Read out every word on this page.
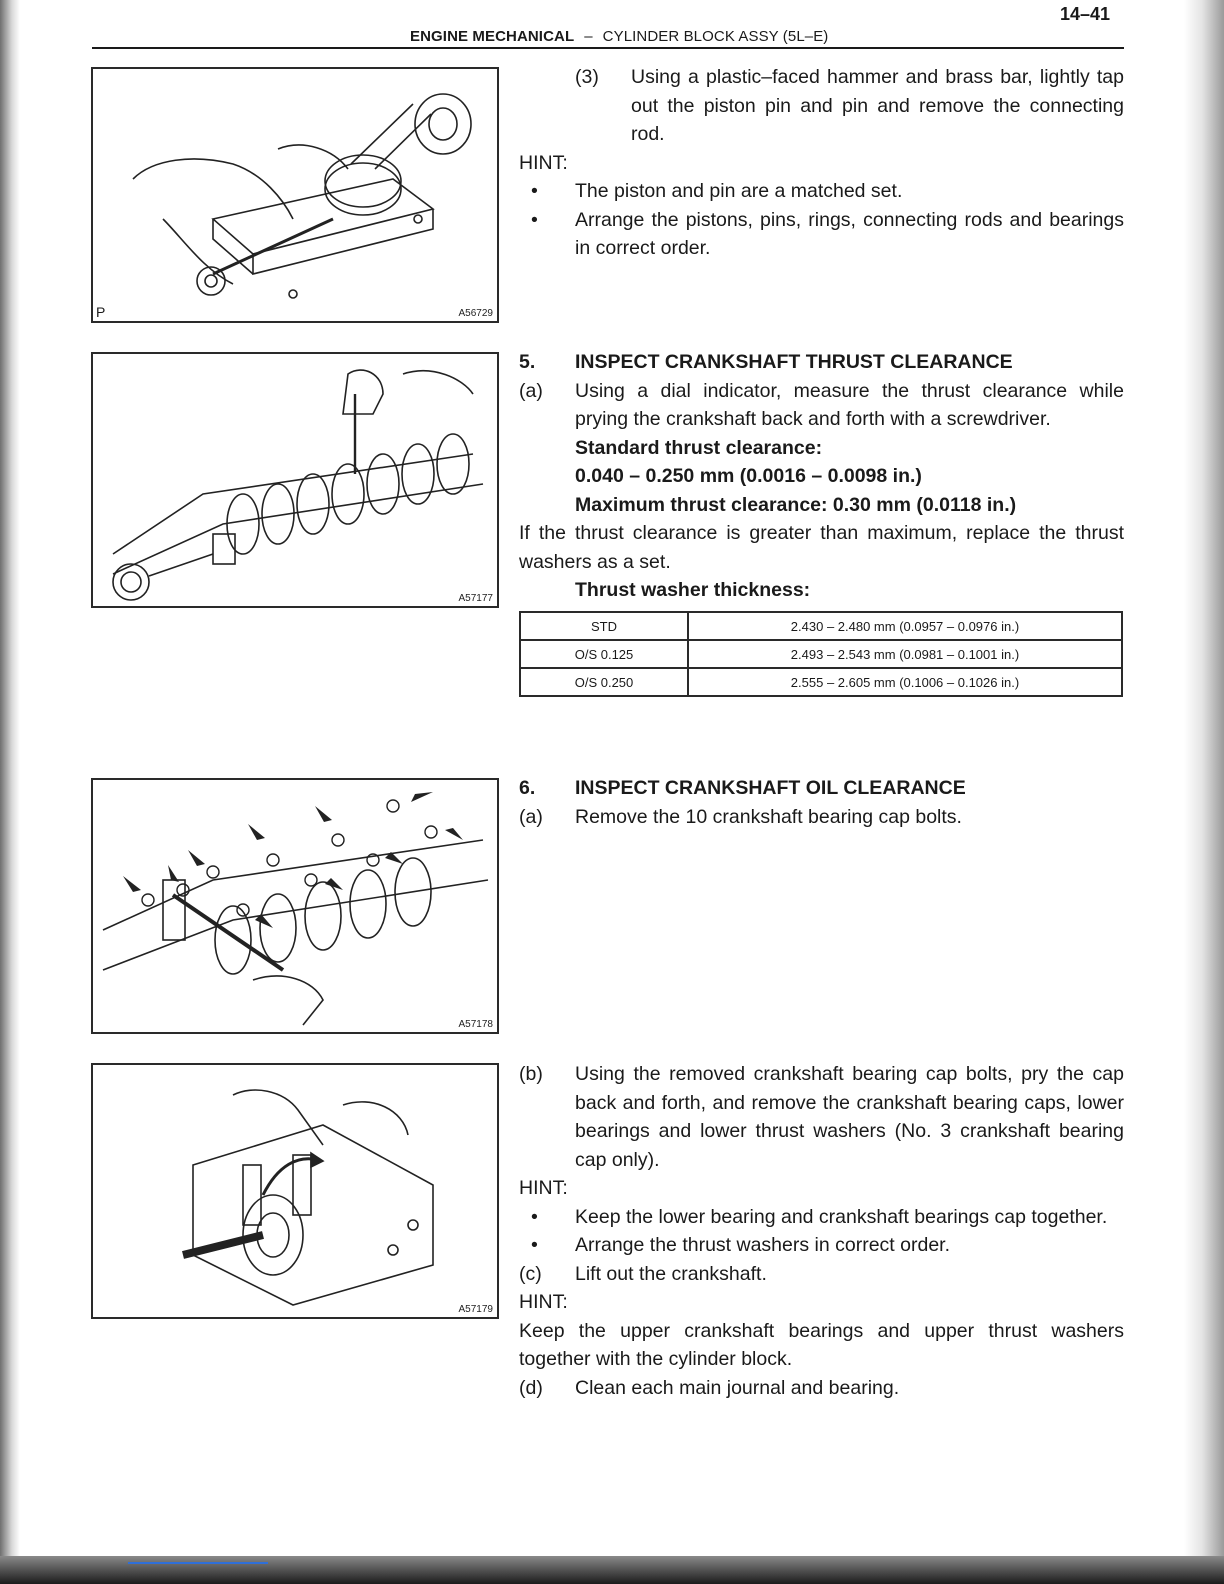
14–41
ENGINE MECHANICAL – CYLINDER BLOCK ASSY (5L–E)
P	A56729
A57177
A57178
A57179
(3)	Using a plastic–faced hammer and brass bar, lightly tap out the piston pin and pin and remove the connecting rod.
HINT:
•	The piston and pin are a matched set.
•	Arrange the pistons, pins, rings, connecting rods and bearings in correct order.
5.	INSPECT CRANKSHAFT THRUST CLEARANCE
(a)	Using a dial indicator, measure the thrust clearance while prying the crankshaft back and forth with a screwdriver.
Standard thrust clearance:
0.040 – 0.250 mm (0.0016 – 0.0098 in.)
Maximum thrust clearance: 0.30 mm (0.0118 in.)
If the thrust clearance is greater than maximum, replace the thrust washers as a set.
Thrust washer thickness:
STD	2.430 – 2.480 mm (0.0957 – 0.0976 in.)
O/S 0.125	2.493 – 2.543 mm (0.0981 – 0.1001 in.)
O/S 0.250	2.555 – 2.605 mm (0.1006 – 0.1026 in.)
6.	INSPECT CRANKSHAFT OIL CLEARANCE
(a)	Remove the 10 crankshaft bearing cap bolts.
(b)	Using the removed crankshaft bearing cap bolts, pry the cap back and forth, and remove the crankshaft bearing caps, lower bearings and lower thrust washers (No. 3 crankshaft bearing cap only).
HINT:
•	Keep the lower bearing and crankshaft bearings cap together.
•	Arrange the thrust washers in correct order.
(c)	Lift out the crankshaft.
HINT:
Keep the upper crankshaft bearings and upper thrust washers together with the cylinder block.
(d)	Clean each main journal and bearing.
